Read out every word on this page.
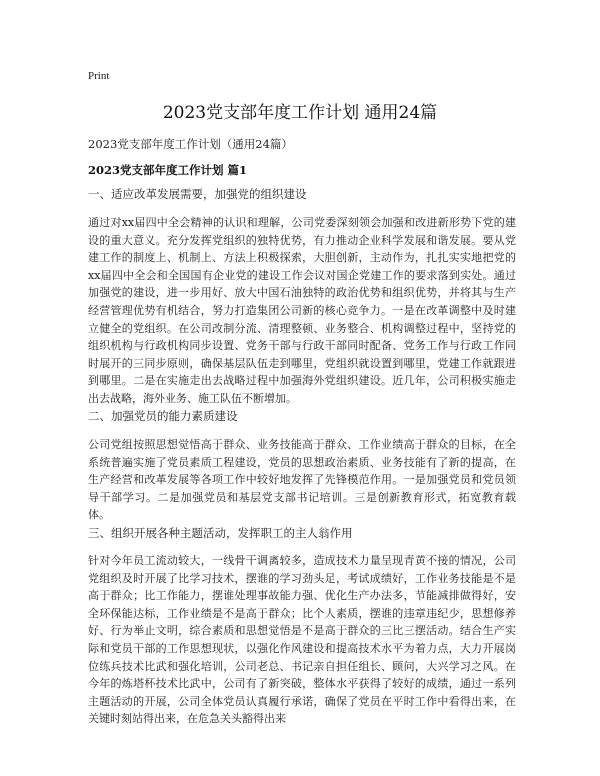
Print
2023党支部年度工作计划 通用24篇
2023党支部年度工作计划（通用24篇）
2023党支部年度工作计划 篇1
一、适应改革发展需要，加强党的组织建设

通过对xx届四中全会精神的认识和理解，公司党委深刻领会加强和改进新形势下党的建设的重大意义。充分发挥党组织的独特优势，有力推动企业科学发展和谐发展。要从党建工作的制度上、机制上、方法上积极探索，大胆创新，主动作为，扎扎实实地把党的xx届四中全会和全国国有企业党的建设工作会议对国企党建工作的要求落到实处。通过加强党的建设，进一步用好、放大中国石油独特的政治优势和组织优势，并将其与生产经营管理优势有机结合，努力打造集团公司新的核心竞争力。一是在改革调整中及时建立健全的党组织。在公司改制分流、清理整顿、业务整合、机构调整过程中，坚持党的组织机构与行政机构同步设置、党务干部与行政干部同时配备、党务工作与行政工作同时展开的三同步原则，确保基层队伍走到哪里，党组织就设置到哪里，党建工作就跟进到哪里。二是在实施走出去战略过程中加强海外党组织建设。近几年，公司积极实施走出去战略，海外业务、施工队伍不断增加。

二、加强党员的能力素质建设

公司党组按照思想觉悟高于群众、业务技能高于群众、工作业绩高于群众的目标，在全系统普遍实施了党员素质工程建设，党员的思想政治素质、业务技能有了新的提高，在生产经营和改革发展等各项工作中较好地发挥了先锋模范作用。一是加强党员和党员领导干部学习。二是加强党员和基层党支部书记培训。三是创新教育形式，拓宽教育载体。

三、组织开展各种主题活动，发挥职工的主人翁作用

针对今年员工流动较大，一线骨干调离较多，造成技术力量呈现青黄不接的情况，公司党组织及时开展了比学习技术，摆谁的学习劲头足，考试成绩好，工作业务技能是不是高于群众；比工作能力，摆谁处理事故能力强、优化生产办法多，节能减排做得好，安全环保能达标，工作业绩是不是高于群众；比个人素质，摆谁的违章违纪少，思想修养好、行为举止文明，综合素质和思想觉悟是不是高于群众的三比三摆活动。结合生产实际和党员干部的工作思想现状，以强化作风建设和提高技术水平为着力点，大力开展岗位练兵技术比武和强化培训，公司老总、书记亲自担任组长、顾问，大兴学习之风。在今年的炼塔杯技术比武中，公司有了新突破，整体水平获得了较好的成绩，通过一系列主题活动的开展，公司全体党员认真履行承诺，确保了党员在平时工作中看得出来，在关键时刻站得出来，在危急关头豁得出来
